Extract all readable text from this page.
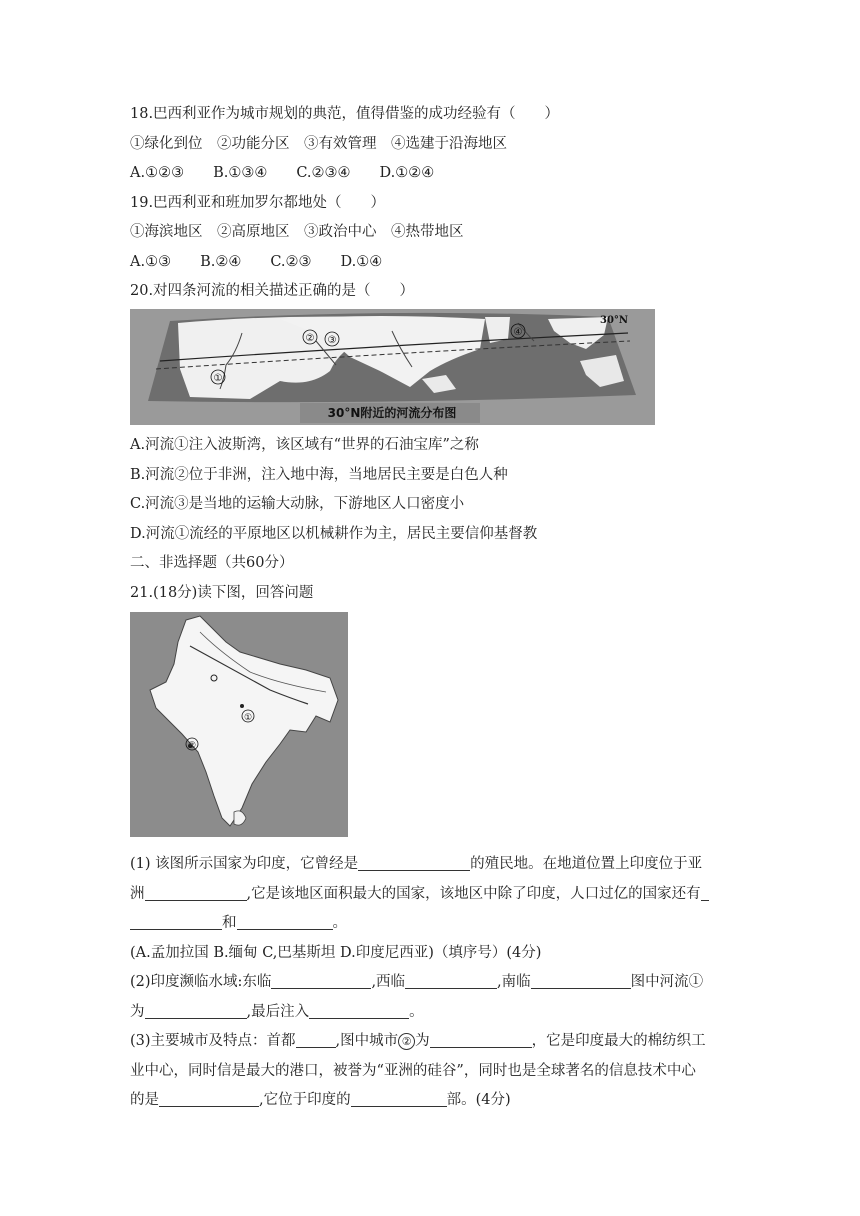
18.巴西利亚作为城市规划的典范，值得借鉴的成功经验有（　　）
①绿化到位　②功能分区　③有效管理　④选建于沿海地区
A.①②③　　B.①③④　　C.②③④　　D.①②④
19.巴西利亚和班加罗尔都地处（　　）
①海滨地区　②高原地区　③政治中心　④热带地区
A.①③　　B.②④　　C.②③　　D.①④
20.对四条河流的相关描述正确的是（　　）
①
② ③
④
30°N
30°N附近的河流分布图
A.河流①注入波斯湾，该区域有“世界的石油宝库”之称
B.河流②位于非洲，注入地中海，当地居民主要是白色人种
C.河流③是当地的运输大动脉，下游地区人口密度小
D.河流①流经的平原地区以机械耕作为主，居民主要信仰基督教
二、非选择题（共60分）
21.(18分)读下图，回答问题
①
②
(1) 该图所示国家为印度，它曾经是	的殖民地。在地道位置上印度位于亚
洲	,它是该地区面积最大的国家，该地区中除了印度，人口过亿的国家还有
和	。
(A.孟加拉国 B.缅甸 C,巴基斯坦 D.印度尼西亚)（填序号）(4分)
(2)印度濒临水域:东临	,西临	,南临	图中河流①
为	,最后注入	。
(3)主要城市及特点：首都	,图中城市 ② 为	，它是印度最大的棉纺织工
业中心，同时信是最大的港口，被誉为“亚洲的硅谷”，同时也是全球著名的信息技术中心
的是	,它位于印度的	部。(4分)
